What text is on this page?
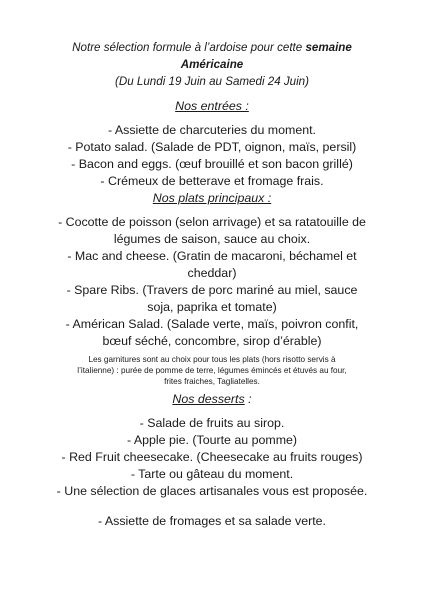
Notre sélection formule à l’ardoise pour cette semaine
Américaine
(Du Lundi 19 Juin au Samedi 24 Juin)
Nos entrées :
- Assiette de charcuteries du moment.
- Potato salad. (Salade de PDT, oignon, maïs, persil)
- Bacon and eggs. (œuf brouillé et son bacon grillé)
- Crémeux de betterave et fromage frais.
Nos plats principaux :
- Cocotte de poisson (selon arrivage) et sa ratatouille de
légumes de saison, sauce au choix.
- Mac and cheese. (Gratin de macaroni, béchamel et
cheddar)
- Spare Ribs. (Travers de porc mariné au miel, sauce
soja, paprika et tomate)
- Américan Salad. (Salade verte, maïs, poivron confit,
bœuf séché, concombre, sirop d’érable)
Les garnitures sont au choix pour tous les plats (hors risotto servis à
l’italienne) : purée de pomme de terre, légumes émincés et étuvés au four,
frites fraiches, Tagliatelles.
Nos desserts :
- Salade de fruits au sirop.
- Apple pie. (Tourte au pomme)
- Red Fruit cheesecake. (Cheesecake au fruits rouges)
- Tarte ou gâteau du moment.
- Une sélection de glaces artisanales vous est proposée.
- Assiette de fromages et sa salade verte.
